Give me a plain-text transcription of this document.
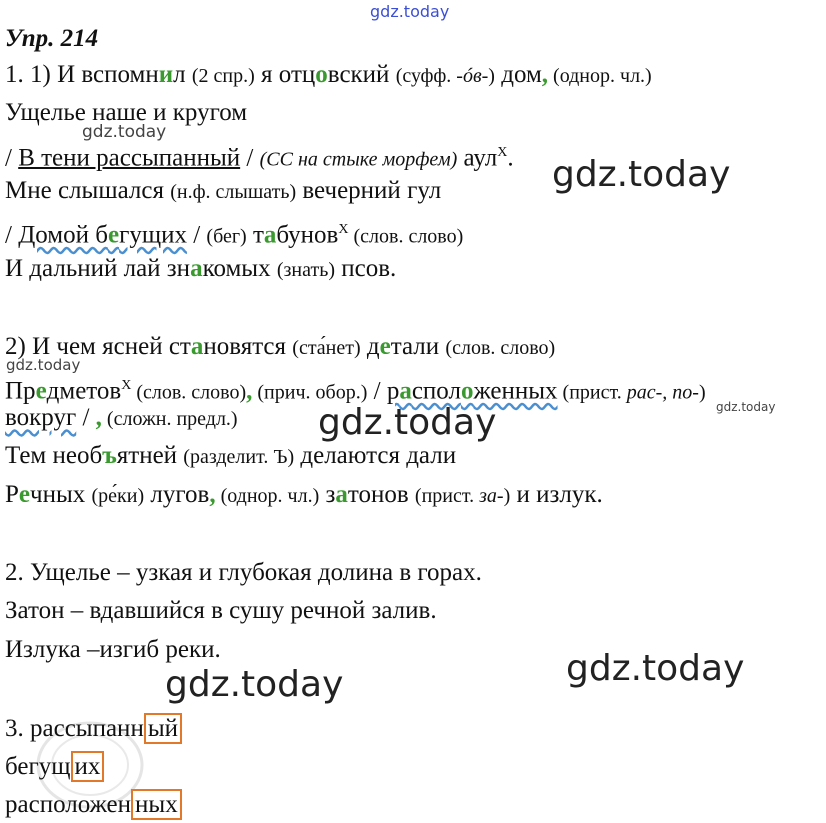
gdz.today
Упр. 214
1. 1) И вспомнил (2 спр.) я отцовский (суфф. -óв-) дом, (однор. чл.)
Ущелье наше и кругом
gdz.today
/ В тени рассыпанный / (СС на стыке морфем) аул$^Х$. gdz.today
Мне слышался (н.ф. слышать) вечерний гул
/ Домой бегущих / (бег) табунов$^Х$ (слов. слово)
И дальний лай знакомых (знать) псов.
2) И чем ясней становятся (ста́нет) детали (слов. слово)
gdz.today
Предметов$^Х$ (слов. слово), (прич. обор.) / расположенных (прист. рас-, по-)
gdz.today
вокруг / , (сложн. предл.) gdz.today
Тем необъятней (разделит. Ъ) делаются дали
Речных (ре́ки) лугов, (однор. чл.) затонов (прист. за-) и излук.
2. Ущелье – узкая и глубокая долина в горах.
Затон – вдавшийся в сушу речной залив.
Излука –изгиб реки.	gdz.today
gdz.today
3. рассыпанн ый
бегущ их
расположен ных
